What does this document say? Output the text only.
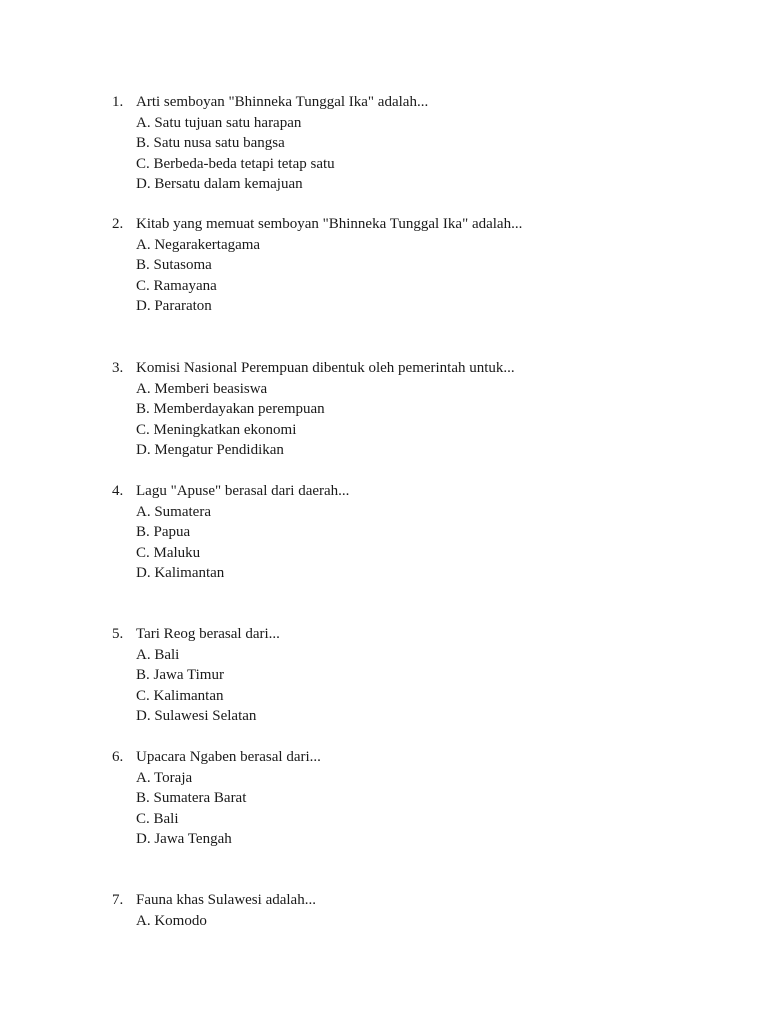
1. Arti semboyan "Bhinneka Tunggal Ika" adalah...
A. Satu tujuan satu harapan
B. Satu nusa satu bangsa
C. Berbeda-beda tetapi tetap satu
D. Bersatu dalam kemajuan
2. Kitab yang memuat semboyan "Bhinneka Tunggal Ika" adalah...
A. Negarakertagama
B. Sutasoma
C. Ramayana
D. Pararaton
3. Komisi Nasional Perempuan dibentuk oleh pemerintah untuk...
A. Memberi beasiswa
B. Memberdayakan perempuan
C. Meningkatkan ekonomi
D. Mengatur Pendidikan
4. Lagu "Apuse" berasal dari daerah...
A. Sumatera
B. Papua
C. Maluku
D. Kalimantan
5. Tari Reog berasal dari...
A. Bali
B. Jawa Timur
C. Kalimantan
D. Sulawesi Selatan
6. Upacara Ngaben berasal dari...
A. Toraja
B. Sumatera Barat
C. Bali
D. Jawa Tengah
7. Fauna khas Sulawesi adalah...
A. Komodo
